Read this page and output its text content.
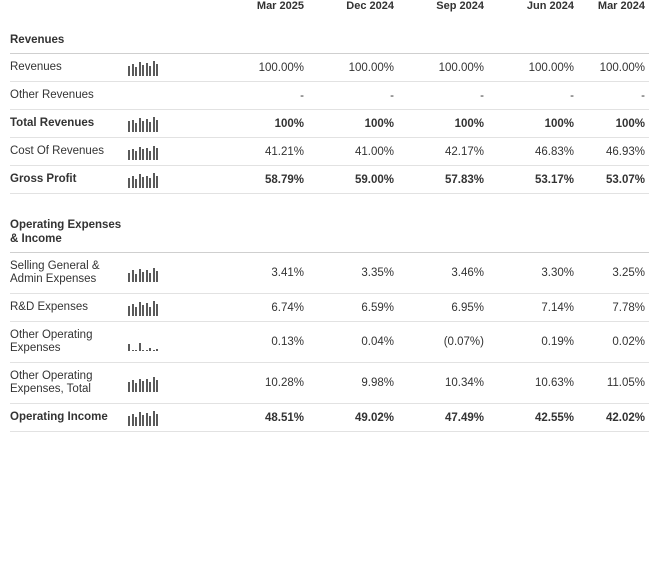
		Mar 2025	Dec 2024	Sep 2024	Jun 2024	Mar 2024
Revenues						
Revenues		100.00%	100.00%	100.00%	100.00%	100.00%
Other Revenues		-	-	-	-	-
Total Revenues		100%	100%	100%	100%	100%
Cost Of Revenues		41.21%	41.00%	42.17%	46.83%	46.93%
Gross Profit		58.79%	59.00%	57.83%	53.17%	53.07%

Operating Expenses & Income						
Selling General & Admin Expenses		3.41%	3.35%	3.46%	3.30%	3.25%
R&D Expenses		6.74%	6.59%	6.95%	7.14%	7.78%
Other Operating Expenses		0.13%	0.04%	(0.07%)	0.19%	0.02%
Other Operating Expenses, Total		10.28%	9.98%	10.34%	10.63%	11.05%
Operating Income		48.51%	49.02%	47.49%	42.55%	42.02%
